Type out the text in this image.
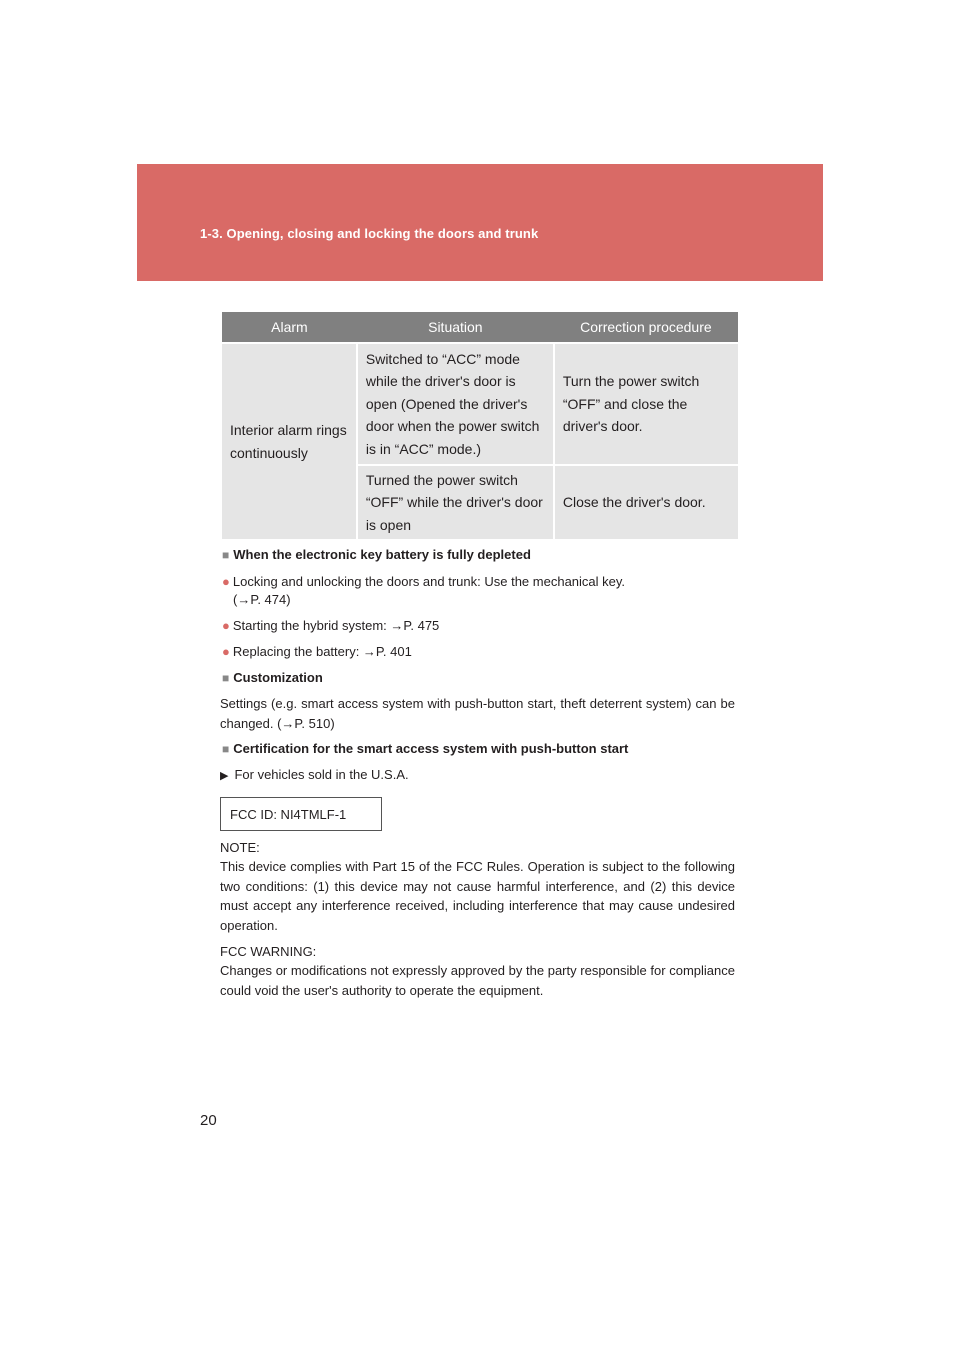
1-3. Opening, closing and locking the doors and trunk
Alarm	Situation	Correction procedure
Interior alarm rings continuously	Switched to “ACC” mode while the driver's door is open (Opened the driver's door when the power switch is in “ACC” mode.)	Turn the power switch “OFF” and close the driver's door.
	Turned the power switch “OFF” while the driver's door is open	Close the driver's door.
■ When the electronic key battery is fully depleted
● Locking and unlocking the doors and trunk: Use the mechanical key.
(→P. 474)
● Starting the hybrid system: →P. 475
● Replacing the battery: →P. 401
■ Customization
Settings (e.g. smart access system with push-button start, theft deterrent system) can be changed. (→P. 510)
■ Certification for the smart access system with push-button start
▶ For vehicles sold in the U.S.A.
FCC ID: NI4TMLF-1
NOTE:
This device complies with Part 15 of the FCC Rules. Operation is subject to the following two conditions: (1) this device may not cause harmful interference, and (2) this device must accept any interference received, including interference that may cause undesired operation.
FCC WARNING:
Changes or modifications not expressly approved by the party responsible for compliance could void the user's authority to operate the equipment.
20
